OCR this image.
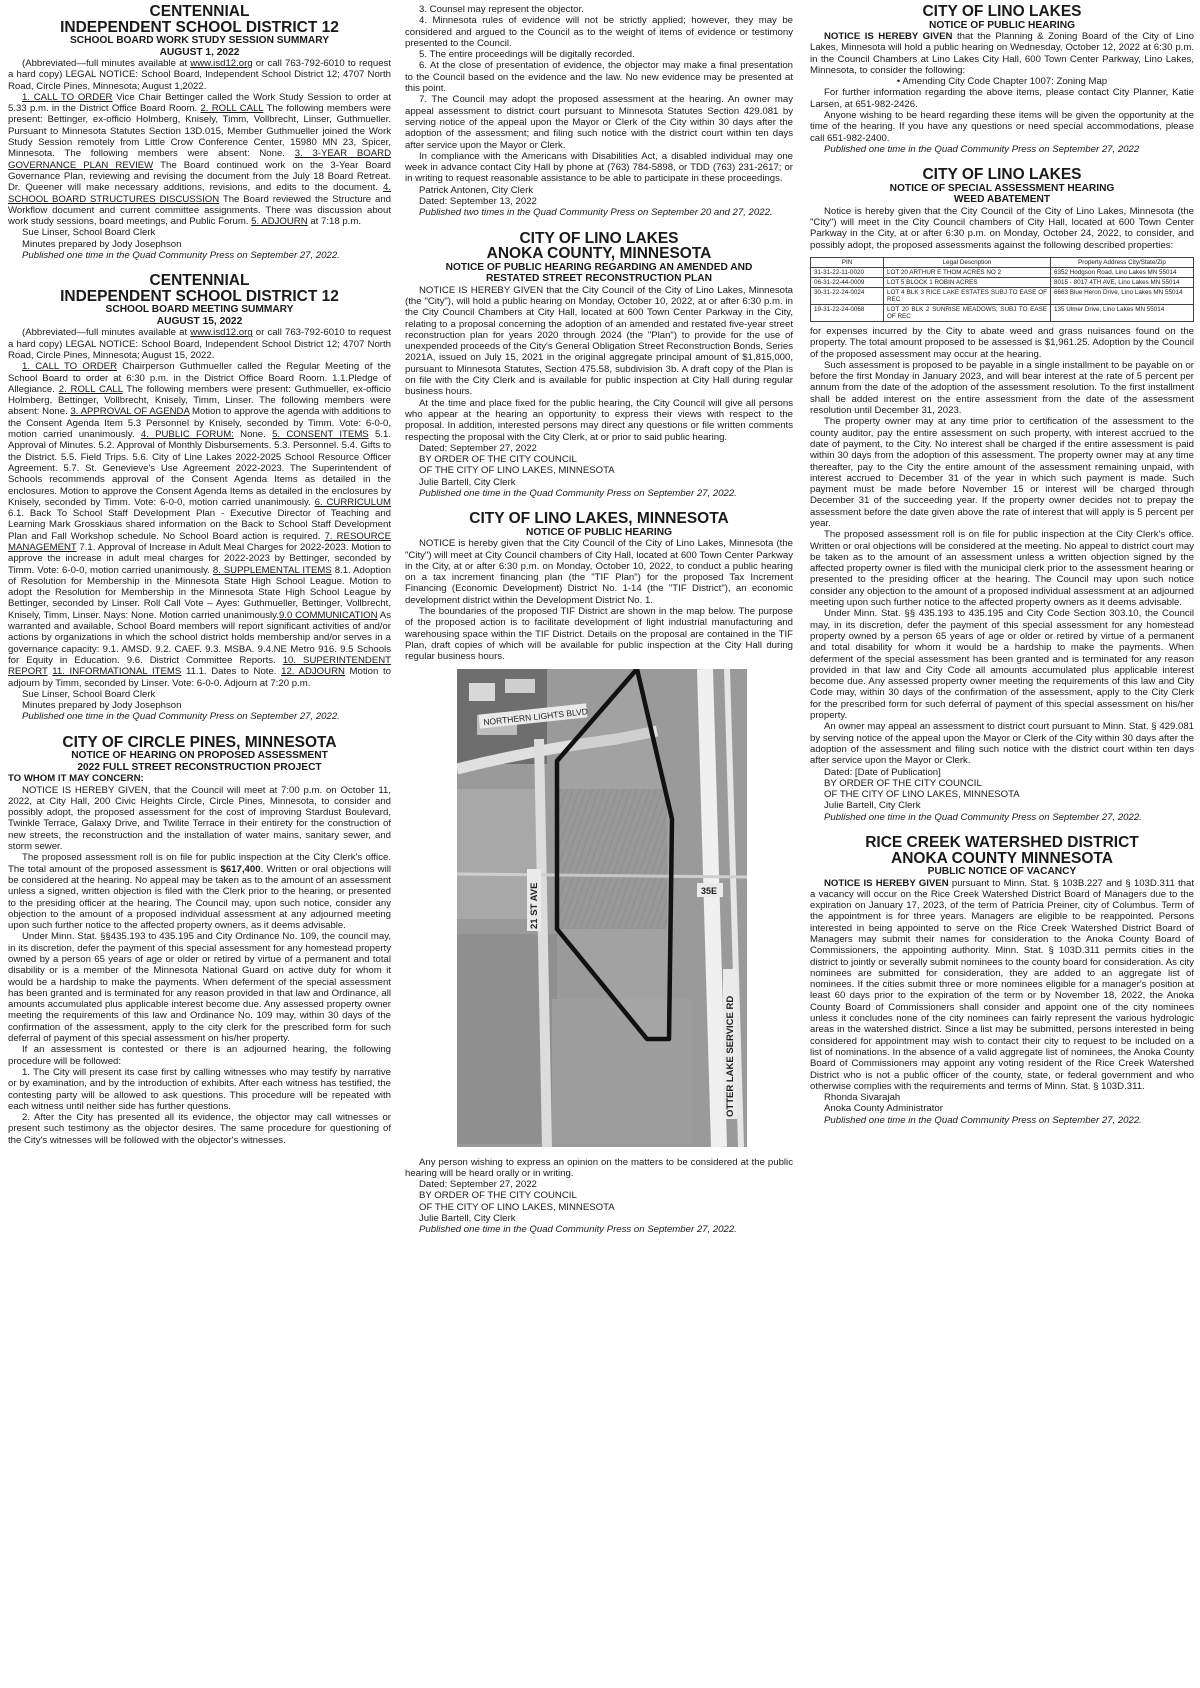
CENTENNIAL
INDEPENDENT SCHOOL DISTRICT 12
SCHOOL BOARD WORK STUDY SESSION SUMMARY
AUGUST 1, 2022

(Abbreviated—full minutes available at www.isd12.org or call 763-792-6010 to request a hard copy) LEGAL NOTICE: School Board, Independent School District 12; 4707 North Road, Circle Pines, Minnesota; August 1,2022.

1. CALL TO ORDER Vice Chair Bettinger called the Work Study Session to order at 5.33 p.m. in the District Office Board Room. 2. ROLL CALL The following members were present: Bettinger, ex-officio Holmberg, Knisely, Timm, Vollbrecht, Linser, Guthmueller. Pursuant to Minnesota Statutes Section 13D.015, Member Guthmueller joined the Work Study Session remotely from Little Crow Conference Center, 15980 MN 23, Spicer, Minnesota. The following members were absent: None. 3. 3-YEAR BOARD GOVERNANCE PLAN REVIEW The Board continued work on the 3-Year Board Governance Plan, reviewing and revising the document from the July 18 Board Retreat. Dr. Queener will make necessary additions, revisions, and edits to the document. 4. SCHOOL BOARD STRUCTURES DISCUSSION The Board reviewed the Structure and Workflow document and current committee assignments. There was discussion about work study sessions, board meetings, and Public Forum. 5. ADJOURN at 7:18 p.m.

Sue Linser, School Board Clerk

Minutes prepared by Jody Josephson

Published one time in the Quad Community Press on September 27, 2022.

CENTENNIAL
INDEPENDENT SCHOOL DISTRICT 12
SCHOOL BOARD MEETING SUMMARY
AUGUST 15, 2022

(Abbreviated—full minutes available at www.isd12.org or call 763-792-6010 to request a hard copy) LEGAL NOTICE: School Board, Independent School District 12; 4707 North Road, Circle Pines, Minnesota; August 15, 2022.

1. CALL TO ORDER Chairperson Guthmueller called the Regular Meeting of the School Board to order at 6:30 p.m. in the District Office Board Room. 1.1.Pledge of Allegiance. 2. ROLL CALL The following members were present: Guthmueller, ex-officio Holmberg, Bettinger, Vollbrecht, Knisely, Timm, Linser. The following members were absent: None. 3. APPROVAL OF AGENDA Motion to approve the agenda with additions to the Consent Agenda Item 5.3 Personnel by Knisely, seconded by Timm. Vote: 6-0-0, motion carried unanimously. 4. PUBLIC FORUM: None. 5. CONSENT ITEMS 5.1. Approval of Minutes. 5.2. Approval of Monthly Disbursements. 5.3. Personnel. 5.4. Gifts to the District. 5.5. Field Trips. 5.6. City of Line Lakes 2022-2025 School Resource Officer Agreement. 5.7. St. Genevieve's Use Agreement 2022-2023. The Superintendent of Schools recommends approval of the Consent Agenda Items as detailed in the enclosures. Motion to approve the Consent Agenda Items as detailed in the enclosures by Knisely, seconded by Timm. Vote: 6-0-0, motion carried unanimously. 6. CURRICULUM 6.1. Back To School Staff Development Plan - Executive Director of Teaching and Learning Mark Grosskiaus shared information on the Back to School Staff Development Plan and Fall Workshop schedule. No School Board action is required. 7. RESOURCE MANAGEMENT 7.1. Approval of Increase in Adult Meal Charges for 2022-2023. Motion to approve the increase in adult meal charges for 2022-2023 by Bettinger, seconded by Timm. Vote: 6-0-0, motion carried unanimously. 8. SUPPLEMENTAL ITEMS 8.1. Adoption of Resolution for Membership in the Minnesota State High School League. Motion to adopt the Resolution for Membership in the Minnesota State High School League by Bettinger, seconded by Linser. Roll Call Vote – Ayes: Guthmueller, Bettinger, Vollbrecht, Knisely, Timm, Linser. Nays: None. Motion carried unanimously.9.0 COMMUNICATION As warranted and available, School Board members will report significant activities of and/or actions by organizations in which the school district holds membership and/or serves in a governance capacity: 9.1. AMSD. 9.2. CAEF. 9.3. MSBA. 9.4.NE Metro 916. 9.5 Schools for Equity in Education. 9.6. District Committee Reports. 10. SUPERINTENDENT REPORT 11. INFORMATIONAL ITEMS 11.1. Dates to Note. 12. ADJOURN Motion to adjourn by Timm, seconded by Linser. Vote: 6-0-0. Adjourn at 7:20 p.m.

Sue Linser, School Board Clerk

Minutes prepared by Jody Josephson

Published one time in the Quad Community Press on September 27, 2022.

CITY OF CIRCLE PINES, MINNESOTA
NOTICE OF HEARING ON PROPOSED ASSESSMENT
2022 FULL STREET RECONSTRUCTION PROJECT

TO WHOM IT MAY CONCERN:

NOTICE IS HEREBY GIVEN, that the Council will meet at 7:00 p.m. on October 11, 2022, at City Hall, 200 Civic Heights Circle, Circle Pines, Minnesota, to consider and possibly adopt, the proposed assessment for the cost of improving Stardust Boulevard, Twinkle Terrace, Galaxy Drive, and Twilite Terrace in their entirety for the construction of new streets, the reconstruction and the installation of water mains, sanitary sewer, and storm sewer.

The proposed assessment roll is on file for public inspection at the City Clerk's office. The total amount of the proposed assessment is $617,400. Written or oral objections will be considered at the hearing. No appeal may be taken as to the amount of an assessment unless a signed, written objection is filed with the Clerk prior to the hearing, or presented to the presiding officer at the hearing. The Council may, upon such notice, consider any objection to the amount of a proposed individual assessment at any adjourned meeting upon such further notice to the affected property owners, as it deems advisable.

Under Minn. Stat. §§435.193 to 435.195 and City Ordinance No. 109, the council may, in its discretion, defer the payment of this special assessment for any homestead property owned by a person 65 years of age or older or retired by virtue of a permanent and total disability or is a member of the Minnesota National Guard on active duty for whom it would be a hardship to make the payments. When deferment of the special assessment has been granted and is terminated for any reason provided in that law and Ordinance, all amounts accumulated plus applicable interest become due. Any assessed property owner meeting the requirements of this law and Ordinance No. 109 may, within 30 days of the confirmation of the assessment, apply to the city clerk for the prescribed form for such deferral of payment of this special assessment on his/her property.

If an assessment is contested or there is an adjourned hearing, the following procedure will be followed:

1. The City will present its case first by calling witnesses who may testify by narrative or by examination, and by the introduction of exhibits. After each witness has testified, the contesting party will be allowed to ask questions. This procedure will be repeated with each witness until neither side has further questions.

2. After the City has presented all its evidence, the objector may call witnesses or present such testimony as the objector desires. The same procedure for questioning of the City's witnesses will be followed with the objector's witnesses.

3. Counsel may represent the objector.

4. Minnesota rules of evidence will not be strictly applied; however, they may be considered and argued to the Council as to the weight of items of evidence or testimony presented to the Council.

5. The entire proceedings will be digitally recorded.

6. At the close of presentation of evidence, the objector may make a final presentation to the Council based on the evidence and the law. No new evidence may be presented at this point.

7. The Council may adopt the proposed assessment at the hearing. An owner may appeal assessment to district court pursuant to Minnesota Statutes Section 429.081 by serving notice of the appeal upon the Mayor or Clerk of the City within 30 days after the adoption of the assessment; and filing such notice with the district court within ten days after service upon the Mayor or Clerk.

In compliance with the Americans with Disabilities Act, a disabled individual may one week in advance contact City Hall by phone at (763) 784-5898, or TDD (763) 231-2617; or in writing to request reasonable assistance to be able to participate in these proceedings.

Patrick Antonen, City Clerk

Dated: September 13, 2022

Published two times in the Quad Community Press on September 20 and 27, 2022.

CITY OF LINO LAKES
ANOKA COUNTY, MINNESOTA
NOTICE OF PUBLIC HEARING REGARDING AN AMENDED AND
RESTATED STREET RECONSTRUCTION PLAN

NOTICE IS HEREBY GIVEN that the City Council of the City of Lino Lakes, Minnesota (the "City"), will hold a public hearing on Monday, October 10, 2022, at or after 6:30 p.m. in the City Council Chambers at City Hall, located at 600 Town Center Parkway in the City, relating to a proposal concerning the adoption of an amended and restated five-year street reconstruction plan for years 2020 through 2024 (the "Plan") to provide for the use of unexpended proceeds of the City's General Obligation Street Reconstruction Bonds, Series 2021A, issued on July 15, 2021 in the original aggregate principal amount of $1,815,000, pursuant to Minnesota Statutes, Section 475.58, subdivision 3b. A draft copy of the Plan is on file with the City Clerk and is available for public inspection at City Hall during regular business hours.

At the time and place fixed for the public hearing, the City Council will give all persons who appear at the hearing an opportunity to express their views with respect to the proposal. In addition, interested persons may direct any questions or file written comments respecting the proposal with the City Clerk, at or prior to said public hearing.

Dated: September 27, 2022

BY ORDER OF THE CITY COUNCIL

OF THE CITY OF LINO LAKES, MINNESOTA

Julie Bartell, City Clerk

Published one time in the Quad Community Press on September 27, 2022.

CITY OF LINO LAKES, MINNESOTA
NOTICE OF PUBLIC HEARING

NOTICE is hereby given that the City Council of the City of Lino Lakes, Minnesota (the "City") will meet at City Council chambers of City Hall, located at 600 Town Center Parkway in the City, at or after 6:30 p.m. on Monday, October 10, 2022, to conduct a public hearing on a tax increment financing plan (the "TIF Plan") for the proposed Tax Increment Financing (Economic Development) District No. 1-14 (the "TIF District"), an economic development district within the Development District No. 1.

The boundaries of the proposed TIF District are shown in the map below. The purpose of the proposed action is to facilitate development of light industrial manufacturing and warehousing space within the TIF District. Details on the proposal are contained in the TIF Plan, draft copies of which will be available for public inspection at the City Hall during regular business hours.

NORTHERN LIGHTS BLVD
21 ST AVE	35E
OTTER LAKE SERVICE RD

Any person wishing to express an opinion on the matters to be considered at the public hearing will be heard orally or in writing.

Dated: September 27, 2022

BY ORDER OF THE CITY COUNCIL

OF THE CITY OF LINO LAKES, MINNESOTA

Julie Bartell, City Clerk

Published one time in the Quad Community Press on September 27, 2022.

CITY OF LINO LAKES
NOTICE OF PUBLIC HEARING

NOTICE IS HEREBY GIVEN that the Planning & Zoning Board of the City of Lino Lakes, Minnesota will hold a public hearing on Wednesday, October 12, 2022 at 6:30 p.m. in the Council Chambers at Lino Lakes City Hall, 600 Town Center Parkway, Lino Lakes, Minnesota, to consider the following:

• Amending City Code Chapter 1007: Zoning Map

For further information regarding the above items, please contact City Planner, Katie Larsen, at 651-982-2426.

Anyone wishing to be heard regarding these items will be given the opportunity at the time of the hearing. If you have any questions or need special accommodations, please call 651-982-2400.

Published one time in the Quad Community Press on September 27, 2022

CITY OF LINO LAKES
NOTICE OF SPECIAL ASSESSMENT HEARING
WEED ABATEMENT

Notice is hereby given that the City Council of the City of Lino Lakes, Minnesota (the "City") will meet in the City Council chambers of City Hall, located at 600 Town Center Parkway in the City, at or after 6:30 p.m. on Monday, October 24, 2022, to consider, and possibly adopt, the proposed assessments against the following described properties:

PIN	Legal Description	Property Address City/State/Zip
31-31-22-11-0020	LOT 20 ARTHUR E THOM ACRES NO 2	6352 Hodgson Road, Lino Lakes MN 55014
06-31-22-44-0009	LOT 5 BLOCK 1 ROBIN ACRES	8015 - 8017 4TH AVE, Lino Lakes MN 55014
30-31-22-24-0024	LOT 4 BLK 3 RICE LAKE ESTATES SUBJ TO EASE OF REC	6663 Blue Heron Drive, Lino Lakes MN 55014
19-31-22-24-0068	LOT 20 BLK 2 SUNRISE MEADOWS; SUBJ TO EASE OF REC	135 Ulmer Drive, Lino Lakes MN 55014

for expenses incurred by the City to abate weed and grass nuisances found on the property. The total amount proposed to be assessed is $1,961.25. Adoption by the Council of the proposed assessment may occur at the hearing.

Such assessment is proposed to be payable in a single installment to be payable on or before the first Monday in January 2023, and will bear interest at the rate of 5 percent per annum from the date of the adoption of the assessment resolution. To the first installment shall be added interest on the entire assessment from the date of the assessment resolution until December 31, 2023.

The property owner may at any time prior to certification of the assessment to the county auditor, pay the entire assessment on such property, with interest accrued to the date of payment, to the City. No interest shall be charged if the entire assessment is paid within 30 days from the adoption of this assessment. The property owner may at any time thereafter, pay to the City the entire amount of the assessment remaining unpaid, with interest accrued to December 31 of the year in which such payment is made. Such payment must be made before November 15 or interest will be charged through December 31 of the succeeding year. If the property owner decides not to prepay the assessment before the date given above the rate of interest that will apply is 5 percent per year.

The proposed assessment roll is on file for public inspection at the City Clerk's office. Written or oral objections will be considered at the meeting. No appeal to district court may be taken as to the amount of an assessment unless a written objection signed by the affected property owner is filed with the municipal clerk prior to the assessment hearing or presented to the presiding officer at the hearing. The Council may upon such notice consider any objection to the amount of a proposed individual assessment at an adjourned meeting upon such further notice to the affected property owners as it deems advisable.

Under Minn. Stat. §§ 435.193 to 435.195 and City Code Section 303.10, the Council may, in its discretion, defer the payment of this special assessment for any homestead property owned by a person 65 years of age or older or retired by virtue of a permanent and total disability for whom it would be a hardship to make the payments. When deferment of the special assessment has been granted and is terminated for any reason provided in that law and City Code all amounts accumulated plus applicable interest become due. Any assessed property owner meeting the requirements of this law and City Code may, within 30 days of the confirmation of the assessment, apply to the City Clerk for the prescribed form for such deferral of payment of this special assessment on his/her property.

An owner may appeal an assessment to district court pursuant to Minn. Stat. § 429.081 by serving notice of the appeal upon the Mayor or Clerk of the City within 30 days after the adoption of the assessment and filing such notice with the district court within ten days after service upon the Mayor or Clerk.

Dated: [Date of Publication]

BY ORDER OF THE CITY COUNCIL

OF THE CITY OF LINO LAKES, MINNESOTA

Julie Bartell, City Clerk

Published one time in the Quad Community Press on September 27, 2022.

RICE CREEK WATERSHED DISTRICT
ANOKA COUNTY MINNESOTA
PUBLIC NOTICE OF VACANCY

NOTICE IS HEREBY GIVEN pursuant to Minn. Stat. § 103B.227 and § 103D.311 that a vacancy will occur on the Rice Creek Watershed District Board of Managers due to the expiration on January 17, 2023, of the term of Patricia Preiner, city of Columbus. Term of the appointment is for three years. Managers are eligible to be reappointed. Persons interested in being appointed to serve on the Rice Creek Watershed District Board of Managers may submit their names for consideration to the Anoka County Board of Commissioners, the appointing authority. Minn. Stat. § 103D.311 permits cities in the district to jointly or severally submit nominees to the county board for consideration. As city nominees are submitted for consideration, they are added to an aggregate list of nominees. If the cities submit three or more nominees eligible for a manager's position at least 60 days prior to the expiration of the term or by November 18, 2022, the Anoka County Board of Commissioners shall consider and appoint one of the city nominees unless it concludes none of the city nominees can fairly represent the various hydrologic areas in the watershed district. Since a list may be submitted, persons interested in being considered for appointment may wish to contact their city to request to be included on a list of nominations. In the absence of a valid aggregate list of nominees, the Anoka County Board of Commissioners may appoint any voting resident of the Rice Creek Watershed District who is not a public officer of the county, state, or federal government and who otherwise complies with the requirements and terms of Minn. Stat. § 103D.311.

Rhonda Sivarajah

Anoka County Administrator

Published one time in the Quad Community Press on September 27, 2022.
